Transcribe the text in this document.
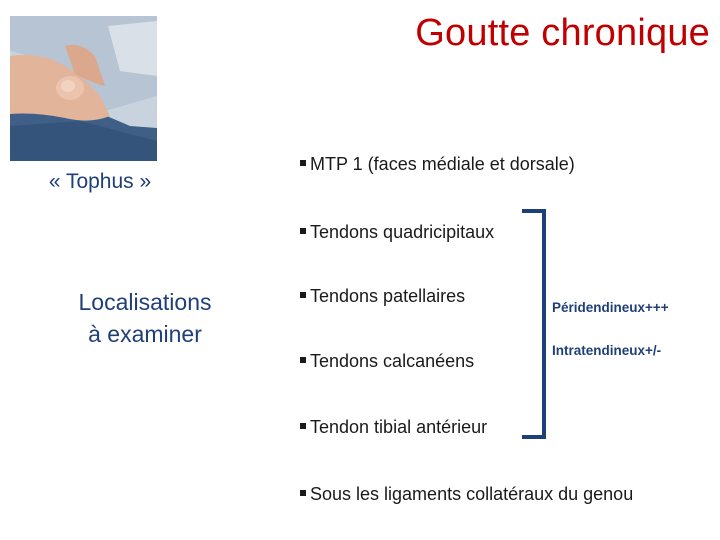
Goutte chronique
« Tophus »
Localisations
à examiner
MTP 1 (faces médiale et dorsale)
Tendons quadricipitaux
Tendons patellaires
Tendons calcanéens
Tendon tibial antérieur
Sous les ligaments collatéraux du genou
Péridendineux+++
Intratendineux+/-
